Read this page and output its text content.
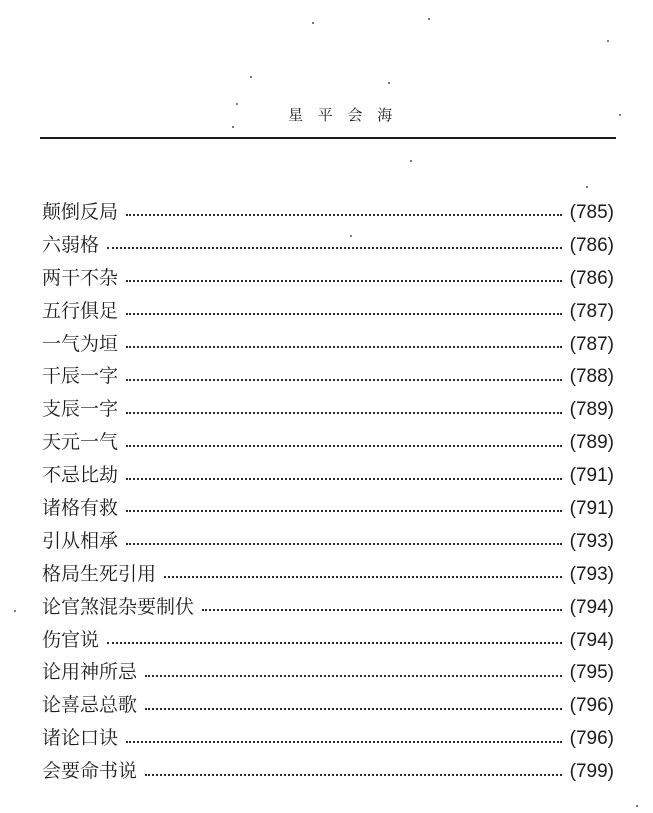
星 平 会 海
颠倒反局	(785)
六弱格	(786)
两干不杂	(786)
五行俱足	(787)
一气为垣	(787)
干辰一字	(788)
支辰一字	(789)
天元一气	(789)
不忌比劫	(791)
诸格有救	(791)
引从相承	(793)
格局生死引用	(793)
论官煞混杂要制伏	(794)
伤官说	(794)
论用神所忌	(795)
论喜忌总歌	(796)
诸论口诀	(796)
会要命书说	(799)
